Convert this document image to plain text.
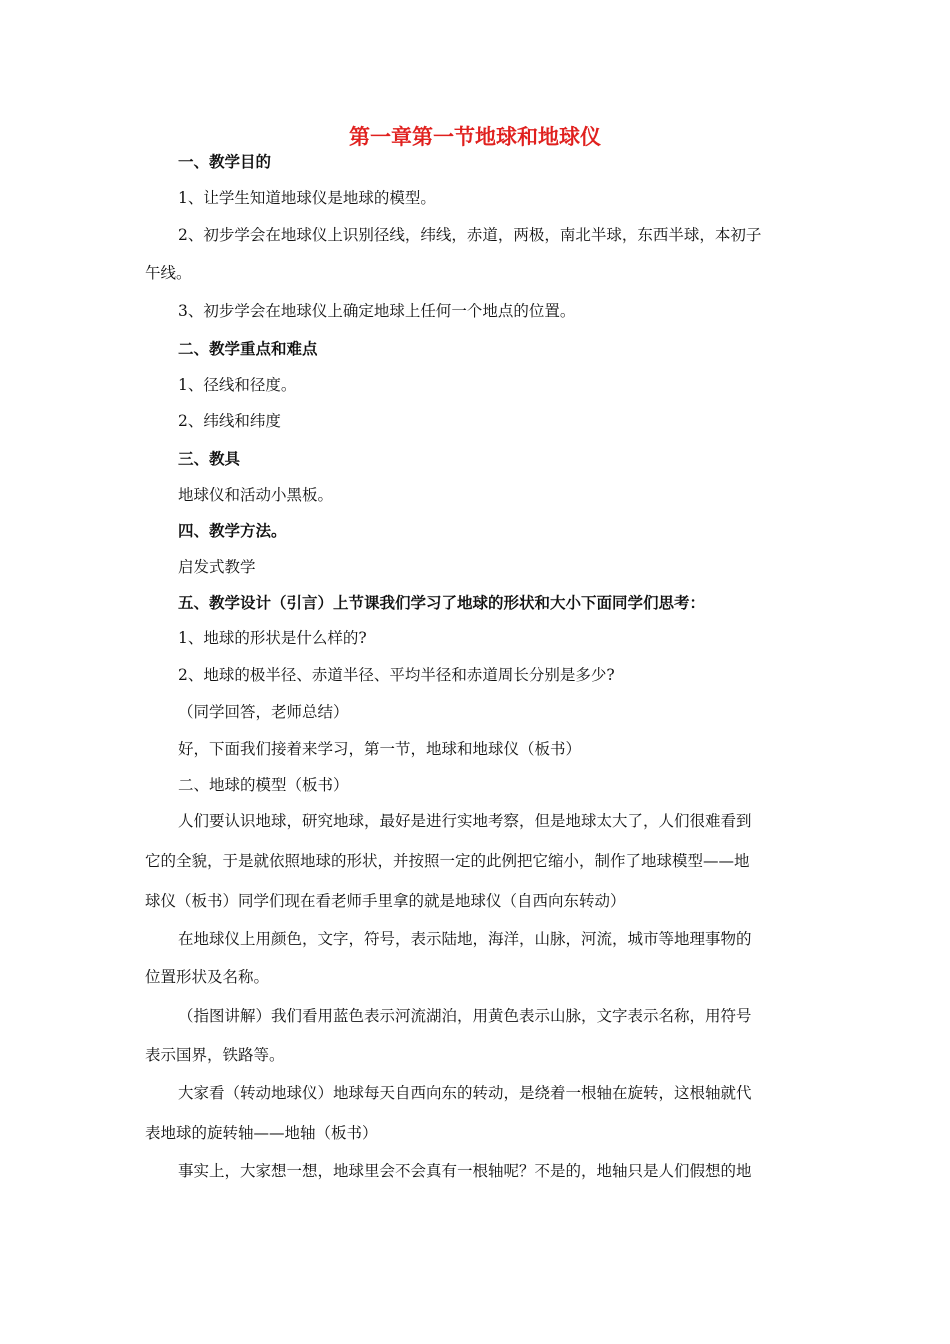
第一章第一节地球和地球仪
一、教学目的
1、让学生知道地球仪是地球的模型。
2、初步学会在地球仪上识别径线，纬线，赤道，两极，南北半球，东西半球，本初子
午线。
3、初步学会在地球仪上确定地球上任何一个地点的位置。
二、教学重点和难点
1、径线和径度。
2、纬线和纬度
三、教具
地球仪和活动小黑板。
四、教学方法。
启发式教学
五、教学设计（引言）上节课我们学习了地球的形状和大小下面同学们思考：
1、地球的形状是什么样的?
2、地球的极半径、赤道半径、平均半径和赤道周长分别是多少?
（同学回答，老师总结）
好，下面我们接着来学习，第一节，地球和地球仪（板书）
二、地球的模型（板书）
人们要认识地球，研究地球，最好是进行实地考察，但是地球太大了，人们很难看到
它的全貌，于是就依照地球的形状，并按照一定的此例把它缩小，制作了地球模型——地
球仪（板书）同学们现在看老师手里拿的就是地球仪（自西向东转动）
在地球仪上用颜色，文字，符号，表示陆地，海洋，山脉，河流，城市等地理事物的
位置形状及名称。
（指图讲解）我们看用蓝色表示河流湖泊，用黄色表示山脉，文字表示名称，用符号
表示国界，铁路等。
大家看（转动地球仪）地球每天自西向东的转动，是绕着一根轴在旋转，这根轴就代
表地球的旋转轴——地轴（板书）
事实上，大家想一想，地球里会不会真有一根轴呢？不是的，地轴只是人们假想的地
